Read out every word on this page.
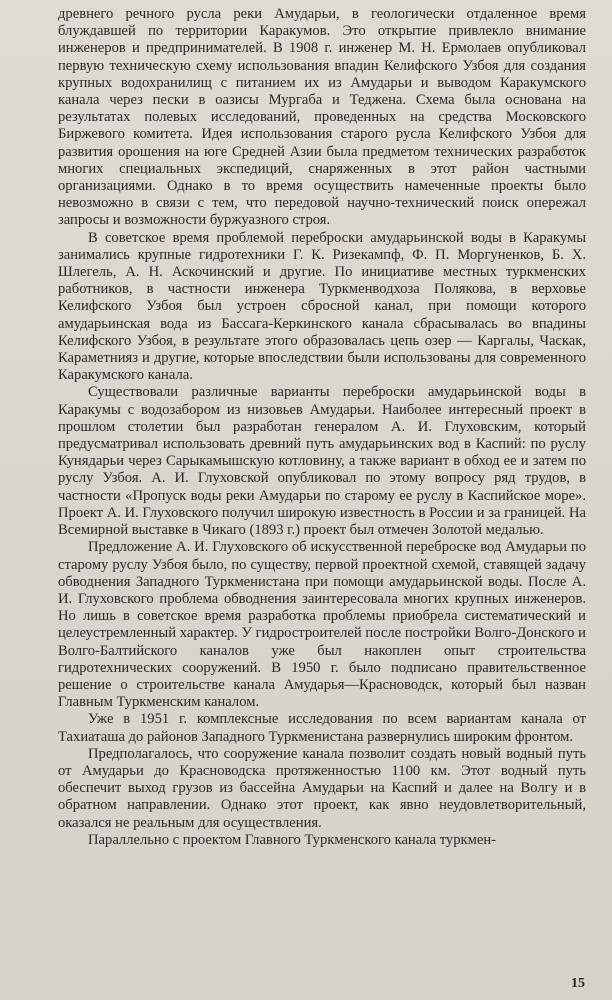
древнего речного русла реки Амударьи, в геологически отдаленное время блуждавшей по территории Каракумов. Это открытие привлекло внимание инженеров и предпринимателей. В 1908 г. инженер М. Н. Ермолаев опубликовал первую техническую схему использования впадин Келифского Узбоя для создания крупных водохранилищ с питанием их из Амударьи и выводом Каракумского канала через пески в оазисы Мургаба и Теджена. Схема была основана на результатах полевых исследований, проведенных на средства Московского Биржевого комитета. Идея использования старого русла Келифского Узбоя для развития орошения на юге Средней Азии была предметом технических разработок многих специальных экспедиций, снаряженных в этот район частными организациями. Однако в то время осуществить намеченные проекты было невозможно в связи с тем, что передовой научно-технический поиск опережал запросы и возможности буржуазного строя.

В советское время проблемой переброски амударьинской воды в Каракумы занимались крупные гидротехники Г. К. Ризекампф, Ф. П. Моргуненков, Б. Х. Шлегель, А. Н. Аскочинский и другие. По инициативе местных туркменских работников, в частности инженера Туркменводхоза Полякова, в верховье Келифского Узбоя был устроен сбросной канал, при помощи которого амударьинская вода из Бассага-Керкинского канала сбрасывалась во впадины Келифского Узбоя, в результате этого образовалась цепь озер — Каргалы, Часкак, Караметнияз и другие, которые впоследствии были использованы для современного Каракумского канала.

Существовали различные варианты переброски амударьинской воды в Каракумы с водозабором из низовьев Амударьи. Наиболее интересный проект в прошлом столетии был разработан генералом А. И. Глуховским, который предусматривал использовать древний путь амударьинских вод в Каспий: по руслу Кунядарьи через Сарыкамышскую котловину, а также вариант в обход ее и затем по руслу Узбоя. А. И. Глуховской опубликовал по этому вопросу ряд трудов, в частности «Пропуск воды реки Амударьи по старому ее руслу в Каспийское море». Проект А. И. Глуховского получил широкую известность в России и за границей. На Всемирной выставке в Чикаго (1893 г.) проект был отмечен Золотой медалью.

Предложение А. И. Глуховского об искусственной переброске вод Амударьи по старому руслу Узбоя было, по существу, первой проектной схемой, ставящей задачу обводнения Западного Туркменистана при помощи амударьинской воды. После А. И. Глуховского проблема обводнения заинтересовала многих крупных инженеров. Но лишь в советское время разработка проблемы приобрела систематический и целеустремленный характер. У гидростроителей после постройки Волго-Донского и Волго-Балтийского каналов уже был накоплен опыт строительства гидротехнических сооружений. В 1950 г. было подписано правительственное решение о строительстве канала Амударья—Красноводск, который был назван Главным Туркменским каналом.

Уже в 1951 г. комплексные исследования по всем вариантам канала от Тахиаташа до районов Западного Туркменистана развернулись широким фронтом.

Предполагалось, что сооружение канала позволит создать новый водный путь от Амударьи до Красноводска протяженностью 1100 км. Этот водный путь обеспечит выход грузов из бассейна Амударьи на Каспий и далее на Волгу и в обратном направлении. Однако этот проект, как явно неудовлетворительный, оказался не реальным для осуществления.

Параллельно с проектом Главного Туркменского канала туркмен-

15
